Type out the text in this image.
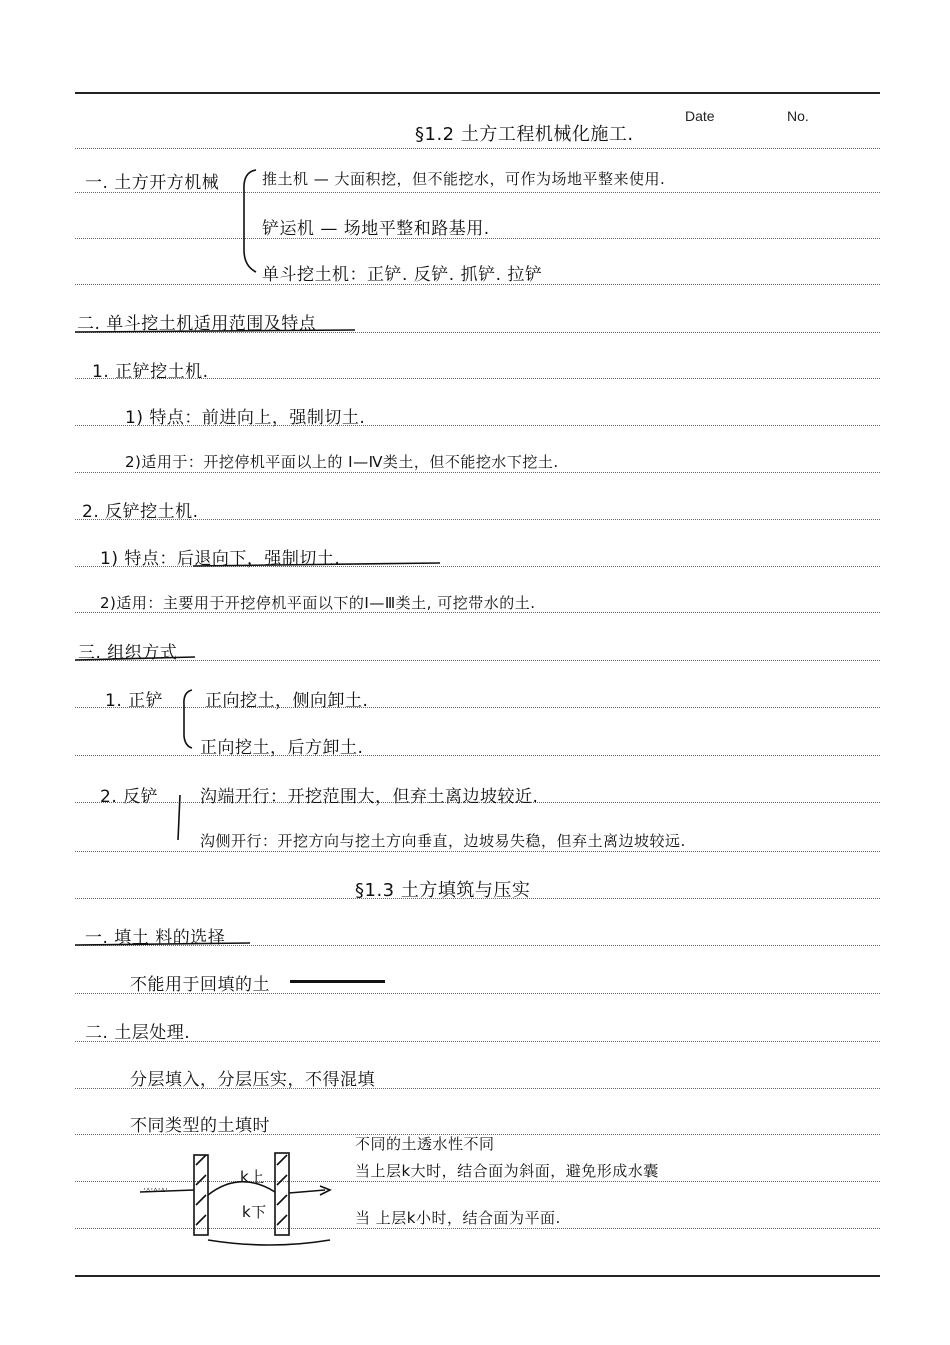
Date	No.
§1.2 土方工程机械化施工.
一. 土方开方机械	推土机 — 大面积挖，但不能挖水，可作为场地平整来使用.
铲运机 — 场地平整和路基用.
单斗挖土机：正铲. 反铲. 抓铲. 拉铲
二. 单斗挖土机适用范围及特点
1. 正铲挖土机.
1) 特点：前进向上，强制切土.
2)适用于：开挖停机平面以上的 Ⅰ—Ⅳ类土，但不能挖水下挖土.
2. 反铲挖土机.
1) 特点：后退向下，强制切土.
2)适用：主要用于开挖停机平面以下的Ⅰ—Ⅲ类土, 可挖带水的土.
三. 组织方式
1. 正铲 正向挖土，侧向卸土.
正向挖土，后方卸土.
2. 反铲 沟端开行：开挖范围大，但弃土离边坡较近.
沟侧开行：开挖方向与挖土方向垂直，边坡易失稳，但弃土离边坡较远.
§1.3 土方填筑与压实
一. 填土 料的选择
不能用于回填的土
二. 土层处理.
分层填入，分层压实，不得混填
不同类型的土填时
不同的土透水性不同
当上层k大时，结合面为斜面，避免形成水囊
当 上层k小时，结合面为平面.
k上
k下
·▵·▵·▵·
